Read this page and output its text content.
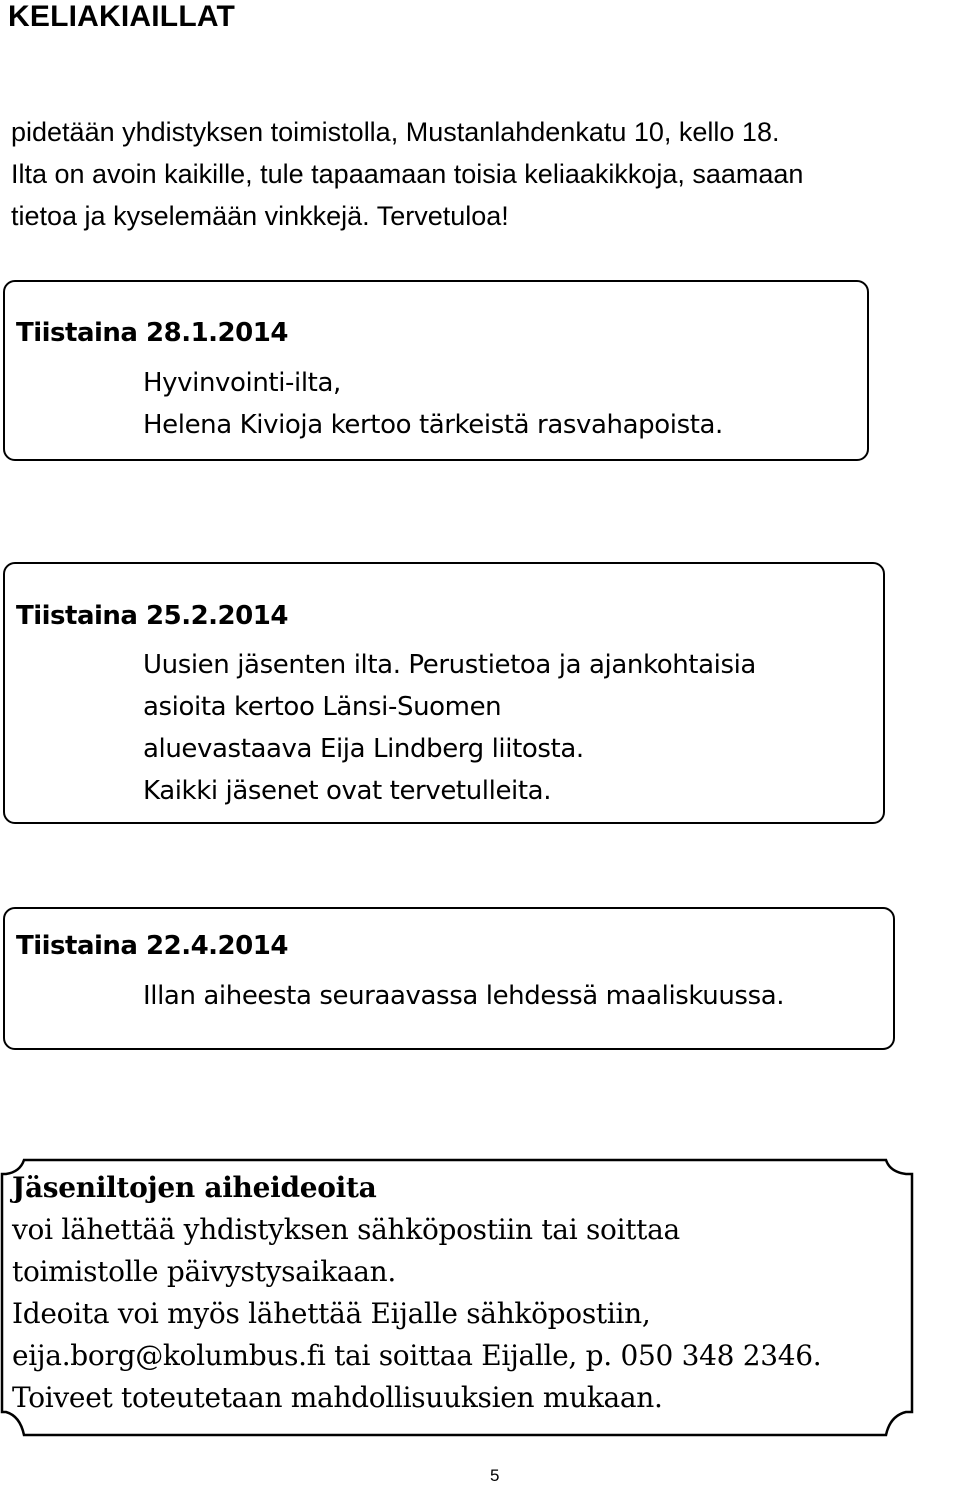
KELIAKIAILLAT
pidetään yhdistyksen toimistolla, Mustanlahdenkatu 10, kello 18.
Ilta on avoin kaikille, tule tapaamaan toisia keliaakikkoja, saamaan
tietoa ja kyselemään vinkkejä. Tervetuloa!
Tiistaina 28.1.2014
Hyvinvointi-ilta,
Helena Kivioja kertoo tärkeistä rasvahapoista.
Tiistaina 25.2.2014
Uusien jäsenten ilta. Perustietoa ja ajankohtaisia
asioita kertoo Länsi-Suomen
aluevastaava Eija Lindberg liitosta.
Kaikki jäsenet ovat tervetulleita.
Tiistaina 22.4.2014
Illan aiheesta seuraavassa lehdessä maaliskuussa.
Jäseniltojen aiheideoita
voi lähettää yhdistyksen sähköpostiin tai soittaa
toimistolle päivystysaikaan.
Ideoita voi myös lähettää Eijalle sähköpostiin,
eija.borg@kolumbus.fi tai soittaa Eijalle, p. 050 348 2346.
Toiveet toteutetaan mahdollisuuksien mukaan.
5
